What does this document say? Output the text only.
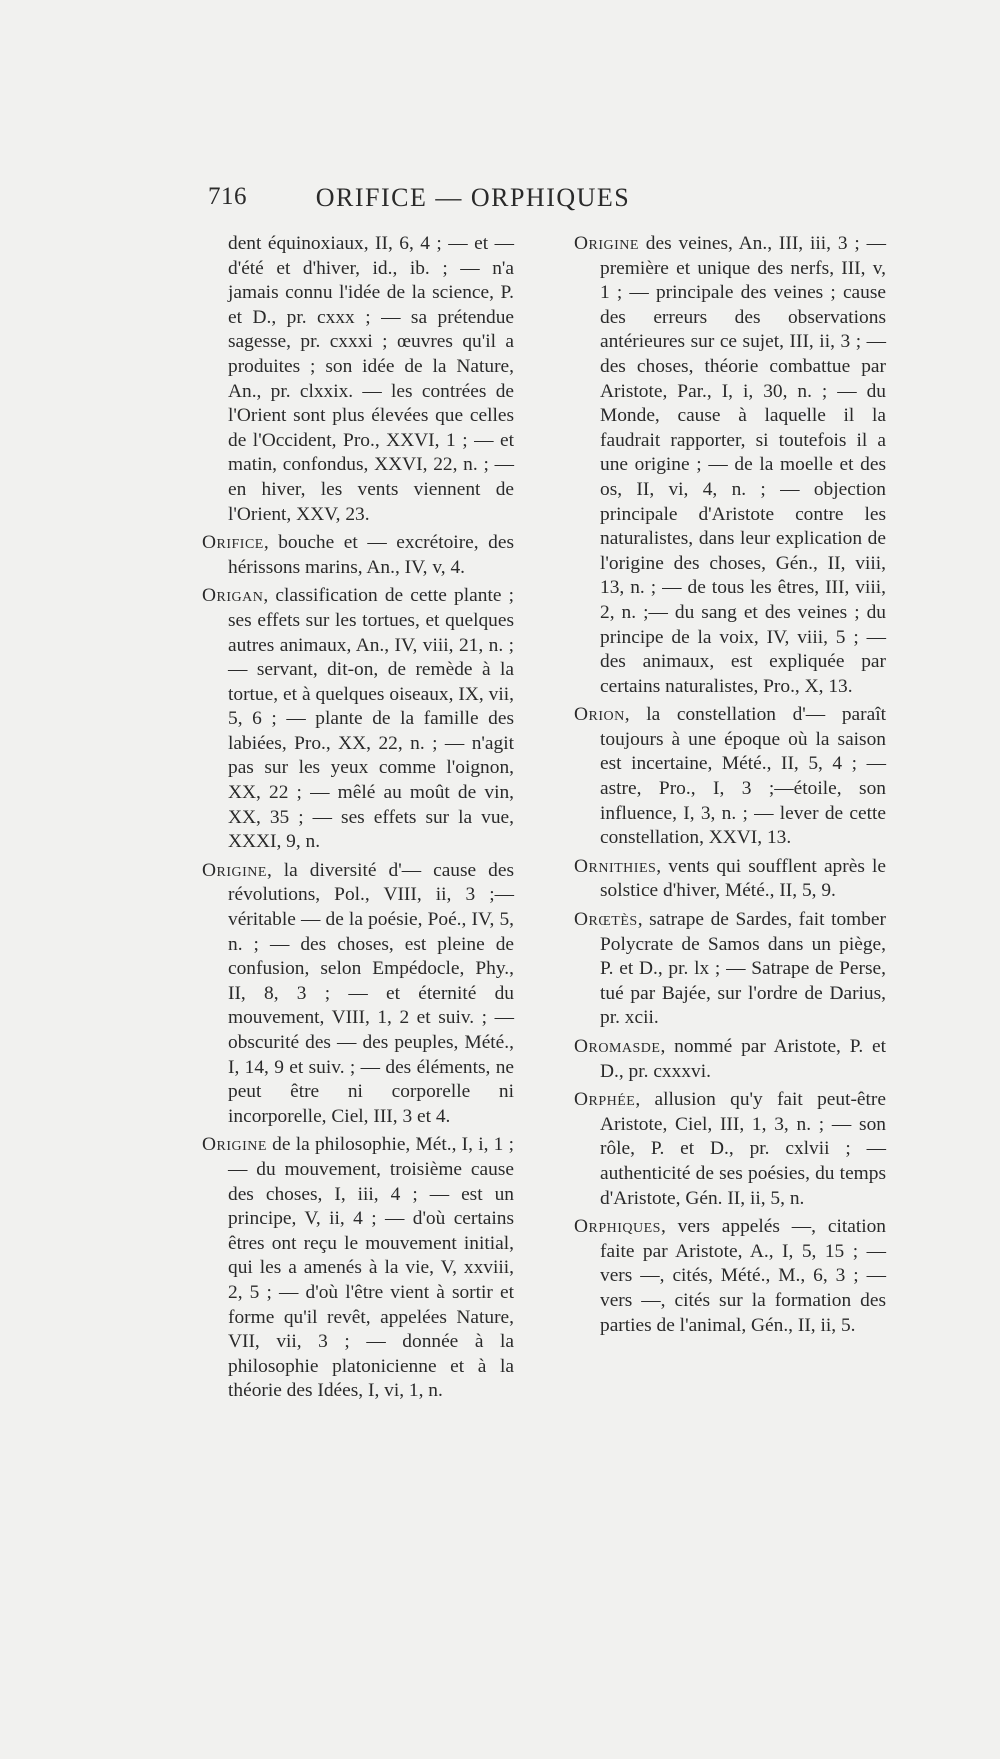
716	ORIFICE — ORPHIQUES

dent équinoxiaux, II, 6, 4 ; — et — d'été et d'hiver, id., ib. ; — n'a jamais connu l'idée de la science, P. et D., pr. cxxx ; — sa prétendue sagesse, pr. cxxxi ; œuvres qu'il a produites ; son idée de la Nature, An., pr. clxxix. — les contrées de l'Orient sont plus élevées que celles de l'Occident, Pro., XXVI, 1 ; — et matin, confondus, XXVI, 22, n. ; — en hiver, les vents viennent de l'Orient, XXV, 23.

Orifice, bouche et — excrétoire, des hérissons marins, An., IV, v, 4.

Origan, classification de cette plante ; ses effets sur les tortues, et quelques autres animaux, An., IV, viii, 21, n. ; — servant, dit-on, de remède à la tortue, et à quelques oiseaux, IX, vii, 5, 6 ; — plante de la famille des labiées, Pro., XX, 22, n. ; — n'agit pas sur les yeux comme l'oignon, XX, 22 ; — mêlé au moût de vin, XX, 35 ; — ses effets sur la vue, XXXI, 9, n.

Origine, la diversité d'— cause des révolutions, Pol., VIII, ii, 3 ;— véritable — de la poésie, Poé., IV, 5, n. ; — des choses, est pleine de confusion, selon Empédocle, Phy., II, 8, 3 ; — et éternité du mouvement, VIII, 1, 2 et suiv. ; — obscurité des — des peuples, Mété., I, 14, 9 et suiv. ; — des éléments, ne peut être ni corporelle ni incorporelle, Ciel, III, 3 et 4.

Origine de la philosophie, Mét., I, i, 1 ; — du mouvement, troisième cause des choses, I, iii, 4 ; — est un principe, V, ii, 4 ; — d'où certains êtres ont reçu le mouvement initial, qui les a amenés à la vie, V, xxviii, 2, 5 ; — d'où l'être vient à sortir et forme qu'il revêt, appelées Nature, VII, vii, 3 ; — donnée à la philosophie platonicienne et à la théorie des Idées, I, vi, 1, n.

Origine des veines, An., III, iii, 3 ; — première et unique des nerfs, III, v, 1 ; — principale des veines ; cause des erreurs des observations antérieures sur ce sujet, III, ii, 3 ; — des choses, théorie combattue par Aristote, Par., I, i, 30, n. ; — du Monde, cause à laquelle il la faudrait rapporter, si toutefois il a une origine ; — de la moelle et des os, II, vi, 4, n. ; — objection principale d'Aristote contre les naturalistes, dans leur explication de l'origine des choses, Gén., II, viii, 13, n. ; — de tous les êtres, III, viii, 2, n. ;— du sang et des veines ; du principe de la voix, IV, viii, 5 ; — des animaux, est expliquée par certains naturalistes, Pro., X, 13.

Orion, la constellation d'— paraît toujours à une époque où la saison est incertaine, Mété., II, 5, 4 ; — astre, Pro., I, 3 ;—étoile, son influence, I, 3, n. ; — lever de cette constellation, XXVI, 13.

Ornithies, vents qui soufflent après le solstice d'hiver, Mété., II, 5, 9.

Orœtès, satrape de Sardes, fait tomber Polycrate de Samos dans un piège, P. et D., pr. lx ; — Satrape de Perse, tué par Bajée, sur l'ordre de Darius, pr. xcii.

Oromasde, nommé par Aristote, P. et D., pr. cxxxvi.

Orphée, allusion qu'y fait peut-être Aristote, Ciel, III, 1, 3, n. ; — son rôle, P. et D., pr. cxlvii ; — authenticité de ses poésies, du temps d'Aristote, Gén. II, ii, 5, n.

Orphiques, vers appelés —, citation faite par Aristote, A., I, 5, 15 ; — vers —, cités, Mété., M., 6, 3 ; — vers —, cités sur la formation des parties de l'animal, Gén., II, ii, 5.
